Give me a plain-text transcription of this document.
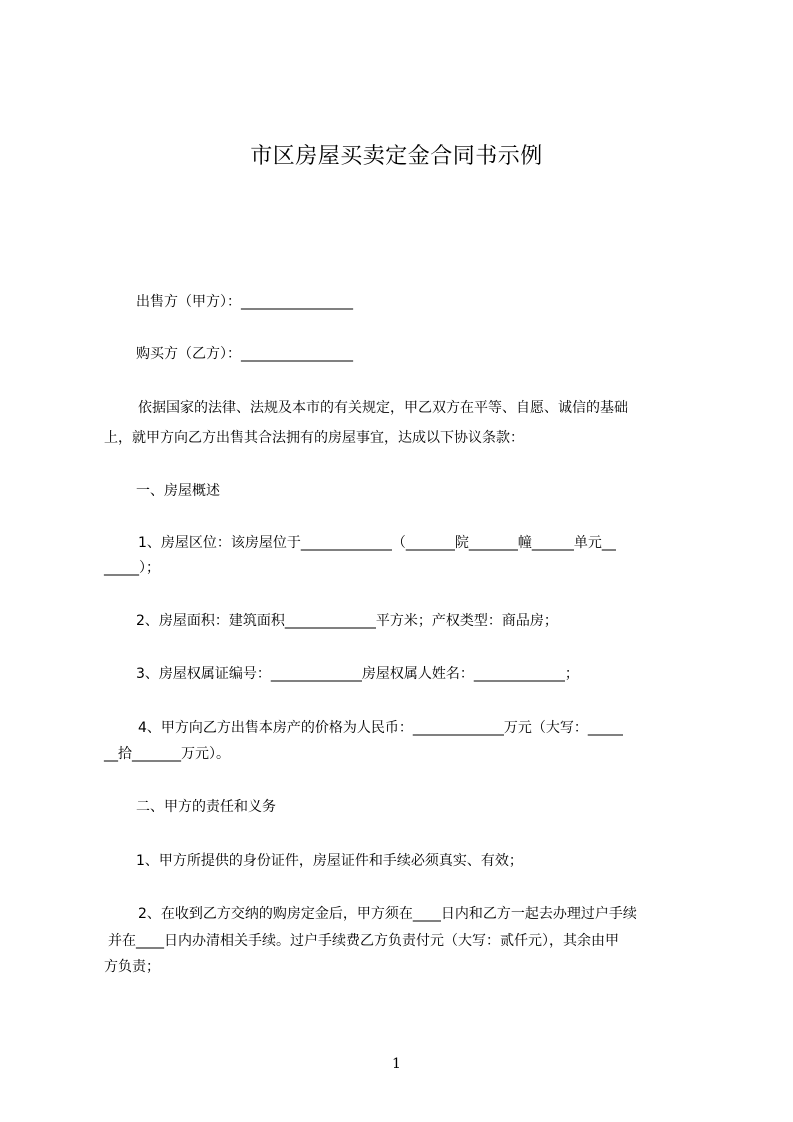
市区房屋买卖定金合同书示例
出售方（甲方）：________________
购买方（乙方）：________________
依据国家的法律、法规及本市的有关规定，甲乙双方在平等、自愿、诚信的基础
上，就甲方向乙方出售其合法拥有的房屋事宜，达成以下协议条款：
一、房屋概述
1、房屋区位：该房屋位于_____________（_______院_______幢______单元__
_____）；
2、房屋面积：建筑面积_____________平方米；产权类型：商品房；
3、房屋权属证编号：_____________房屋权属人姓名：_____________；
4、甲方向乙方出售本房产的价格为人民币：_____________万元（大写：_____
__拾_______万元）。
二、甲方的责任和义务
1、甲方所提供的身份证件，房屋证件和手续必须真实、有效；
2、在收到乙方交纳的购房定金后，甲方须在____日内和乙方一起去办理过户手续
并在____日内办清相关手续。过户手续费乙方负责付元（大写：贰仟元），其余由甲
方负责；
1
